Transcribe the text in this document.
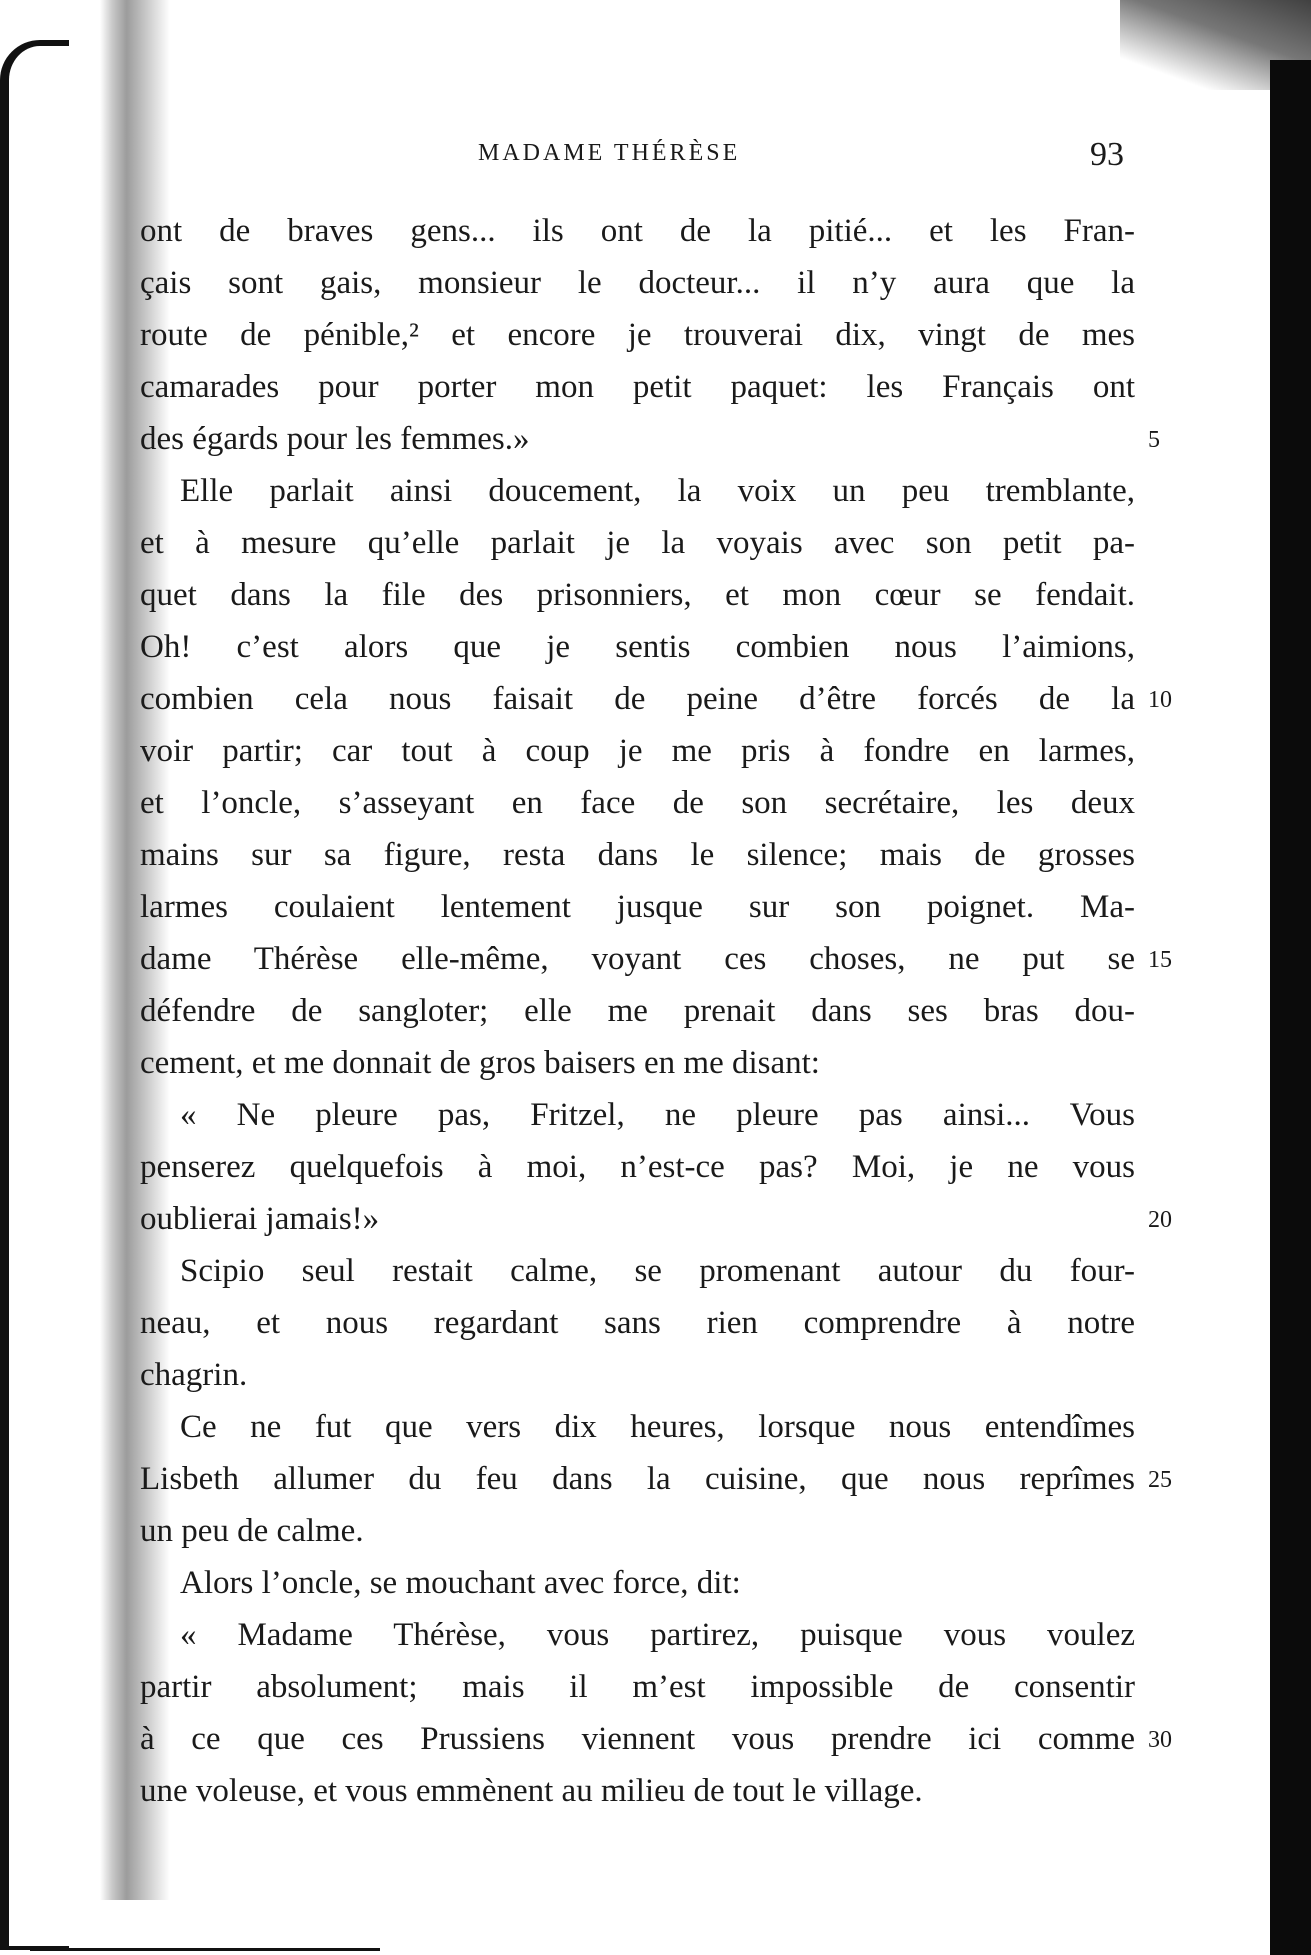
MADAME THÉRÈSE	93
ont de braves gens... ils ont de la pitié... et les Fran-
çais sont gais, monsieur le docteur... il n’y aura que la
route de pénible,² et encore je trouverai dix, vingt de mes
camarades pour porter mon petit paquet: les Français ont
des égards pour les femmes.»
Elle parlait ainsi doucement, la voix un peu tremblante,
et à mesure qu’elle parlait je la voyais avec son petit pa-
quet dans la file des prisonniers, et mon cœur se fendait.
Oh! c’est alors que je sentis combien nous l’aimions,
combien cela nous faisait de peine d’être forcés de la
voir partir; car tout à coup je me pris à fondre en larmes,
et l’oncle, s’asseyant en face de son secrétaire, les deux
mains sur sa figure, resta dans le silence; mais de grosses
larmes coulaient lentement jusque sur son poignet. Ma-
dame Thérèse elle-même, voyant ces choses, ne put se
défendre de sangloter; elle me prenait dans ses bras dou-
cement, et me donnait de gros baisers en me disant:
« Ne pleure pas, Fritzel, ne pleure pas ainsi... Vous
penserez quelquefois à moi, n’est-ce pas? Moi, je ne vous
oublierai jamais!»
Scipio seul restait calme, se promenant autour du four-
neau, et nous regardant sans rien comprendre à notre
chagrin.
Ce ne fut que vers dix heures, lorsque nous entendîmes
Lisbeth allumer du feu dans la cuisine, que nous reprîmes
un peu de calme.
Alors l’oncle, se mouchant avec force, dit:
« Madame Thérèse, vous partirez, puisque vous voulez
partir absolument; mais il m’est impossible de consentir
à ce que ces Prussiens viennent vous prendre ici comme
une voleuse, et vous emmènent au milieu de tout le village.
5
10
15
20
25
30
